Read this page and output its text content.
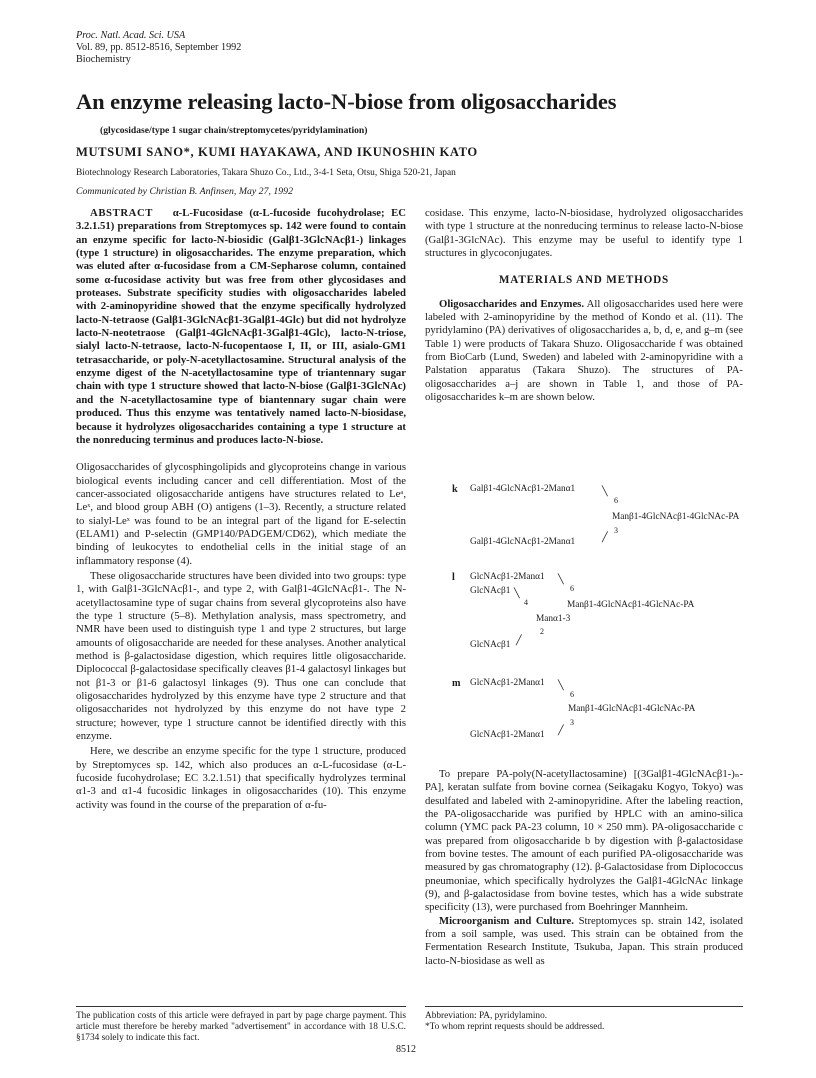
Proc. Natl. Acad. Sci. USA
Vol. 89, pp. 8512-8516, September 1992
Biochemistry
An enzyme releasing lacto-N-biose from oligosaccharides
(glycosidase/type 1 sugar chain/streptomycetes/pyridylamination)
MUTSUMI SANO*, KUMI HAYAKAWA, AND IKUNOSHIN KATO
Biotechnology Research Laboratories, Takara Shuzo Co., Ltd., 3-4-1 Seta, Otsu, Shiga 520-21, Japan
Communicated by Christian B. Anfinsen, May 27, 1992

ABSTRACT α-L-Fucosidase (α-L-fucoside fucohydrolase; EC 3.2.1.51) preparations from Streptomyces sp. 142 were found to contain an enzyme specific for lacto-N-biosidic (Galβ1-3GlcNAcβ1-) linkages (type 1 structure) in oligosaccharides. The enzyme preparation, which was eluted after α-fucosidase from a CM-Sepharose column, contained some α-fucosidase activity but was free from other glycosidases and proteases. Substrate specificity studies with oligosaccharides labeled with 2-aminopyridine showed that the enzyme specifically hydrolyzed lacto-N-tetraose (Galβ1-3GlcNAcβ1-3Galβ1-4Glc) but did not hydrolyze lacto-N-neotetraose (Galβ1-4GlcNAcβ1-3Galβ1-4Glc), lacto-N-triose, sialyl lacto-N-tetraose, lacto-N-fucopentaose I, II, or III, asialo-GM1 tetrasaccharide, or poly-N-acetyllactosamine. Structural analysis of the enzyme digest of the N-acetyllactosamine type of triantennary sugar chain with type 1 structure showed that lacto-N-biose (Galβ1-3GlcNAc) and the N-acetyllactosamine type of biantennary sugar chain were produced. Thus this enzyme was tentatively named lacto-N-biosidase, because it hydrolyzes oligosaccharides containing a type 1 structure at the nonreducing terminus and produces lacto-N-biose.

Oligosaccharides of glycosphingolipids and glycoproteins change in various biological events including cancer and cell differentiation. Most of the cancer-associated oligosaccharide antigens have structures related to Leᵃ, Leˣ, and blood group ABH (O) antigens (1–3). Recently, a structure related to sialyl-Leˣ was found to be an integral part of the ligand for E-selectin (ELAM1) and P-selectin (GMP140/PADGEM/CD62), which mediate the binding of leukocytes to endothelial cells in the initial stage of an inflammatory response (4).

These oligosaccharide structures have been divided into two groups: type 1, with Galβ1-3GlcNAcβ1-, and type 2, with Galβ1-4GlcNAcβ1-. The N-acetyllactosamine type of sugar chains from several glycoproteins also have the type 1 structure (5–8). Methylation analysis, mass spectrometry, and NMR have been used to distinguish type 1 and type 2 structures, but large amounts of oligosaccharide are needed for these analyses. Another analytical method is β-galactosidase digestion, which requires little oligosaccharide. Diplococcal β-galactosidase specifically cleaves β1-4 galactosyl linkages but not β1-3 or β1-6 galactosyl linkages (9). Thus one can conclude that oligosaccharides hydrolyzed by this enzyme have type 2 structure and that oligosaccharides not hydrolyzed by this enzyme do not have type 2 structure; however, type 1 structure cannot be identified directly with this enzyme.

Here, we describe an enzyme specific for the type 1 structure, produced by Streptomyces sp. 142, which also produces an α-L-fucosidase (α-L-fucoside fucohydrolase; EC 3.2.1.51) that specifically hydrolyzes terminal α1-3 and α1-4 fucosidic linkages in oligosaccharides (10). This enzyme activity was found in the course of the preparation of α-fu-

The publication costs of this article were defrayed in part by page charge payment. This article must therefore be hereby marked "advertisement" in accordance with 18 U.S.C. §1734 solely to indicate this fact.

cosidase. This enzyme, lacto-N-biosidase, hydrolyzed oligosaccharides with type 1 structure at the nonreducing terminus to release lacto-N-biose (Galβ1-3GlcNAc). This enzyme may be useful to identify type 1 structures in glycoconjugates.

MATERIALS AND METHODS

Oligosaccharides and Enzymes. All oligosaccharides used here were labeled with 2-aminopyridine by the method of Kondo et al. (11). The pyridylamino (PA) derivatives of oligosaccharides a, b, d, e, and g–m (see Table 1) were products of Takara Shuzo. Oligosaccharide f was obtained from BioCarb (Lund, Sweden) and labeled with 2-aminopyridine with a Palstation apparatus (Takara Shuzo). The structures of PA-oligosaccharides a–j are shown in Table 1, and those of PA-oligosaccharides k–m are shown below.

k Galβ1-4GlcNAcβ1-2Manα1	╲
6
Manβ1-4GlcNAcβ1-4GlcNAc-PA
3
Galβ1-4GlcNAcβ1-2Manα1	╱
l GlcNAcβ1-2Manα1 ╲
6
GlcNAcβ1 ╲
4	Manβ1-4GlcNAcβ1-4GlcNAc-PA
Manα1-3
2
GlcNAcβ1 ╱
m GlcNAcβ1-2Manα1 ╲
6
Manβ1-4GlcNAcβ1-4GlcNAc-PA
3
GlcNAcβ1-2Manα1 ╱

To prepare PA-poly(N-acetyllactosamine) [(3Galβ1-4GlcNAcβ1-)ₙ-PA], keratan sulfate from bovine cornea (Seikagaku Kogyo, Tokyo) was desulfated and labeled with 2-aminopyridine. After the labeling reaction, the PA-oligosaccharide was purified by HPLC with an amino-silica column (YMC pack PA-23 column, 10 × 250 mm). PA-oligosaccharide c was prepared from oligosaccharide b by digestion with β-galactosidase from bovine testes. The amount of each purified PA-oligosaccharide was measured by gas chromatography (12). β-Galactosidase from Diplococcus pneumoniae, which specifically hydrolyzes the Galβ1-4GlcNAc linkage (9), and β-galactosidase from bovine testes, which has a wide substrate specificity (13), were purchased from Boehringer Mannheim.

Microorganism and Culture. Streptomyces sp. strain 142, isolated from a soil sample, was used. This strain can be obtained from the Fermentation Research Institute, Tsukuba, Japan. This strain produced lacto-N-biosidase as well as

Abbreviation: PA, pyridylamino.
*To whom reprint requests should be addressed.
8512
